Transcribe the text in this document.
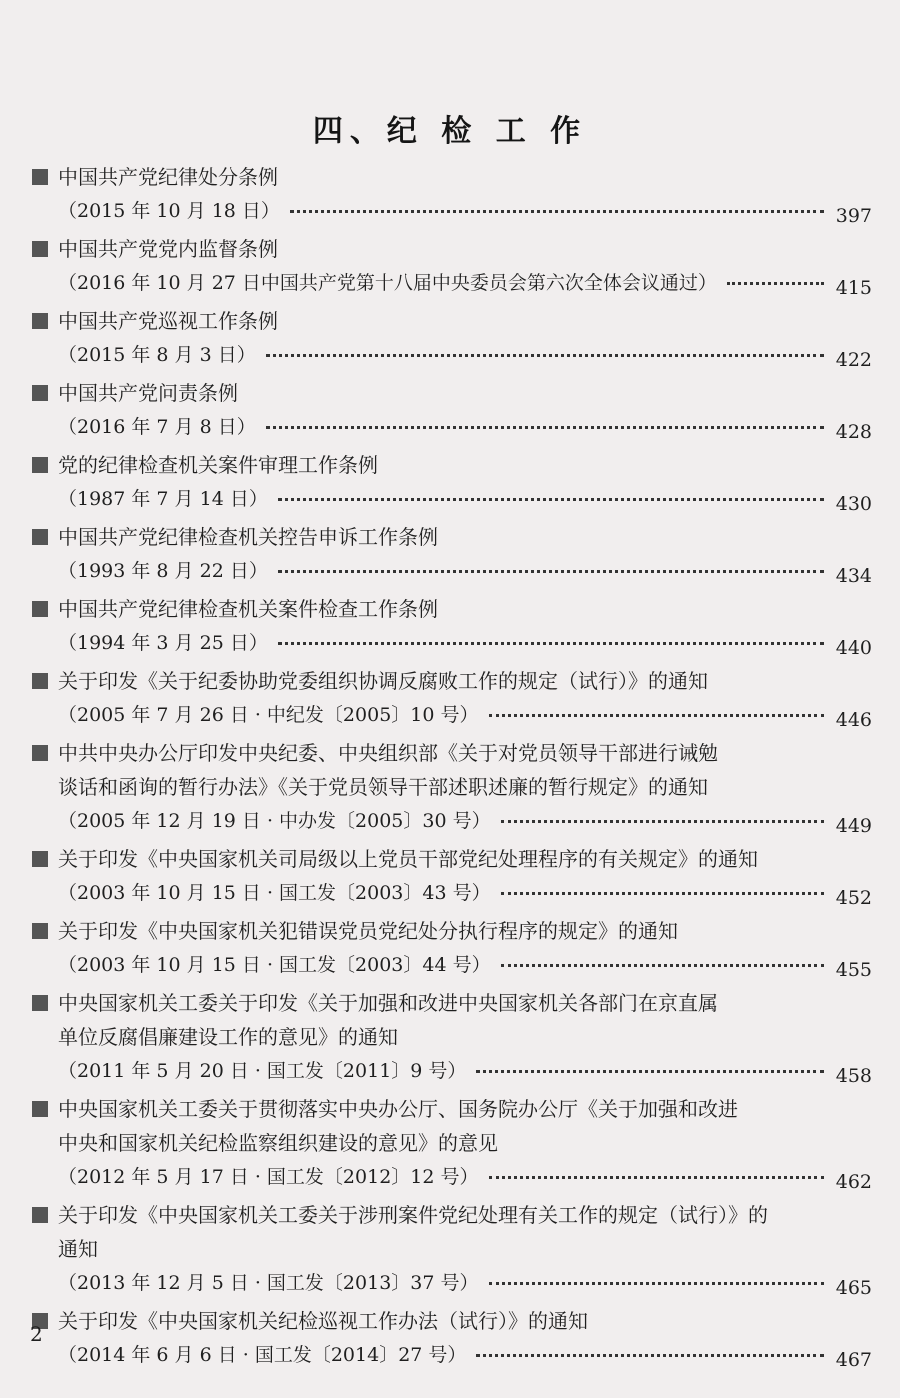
四、纪 检 工 作
中国共产党纪律处分条例
（2015 年 10 月 18 日）	397
中国共产党党内监督条例
（2016 年 10 月 27 日中国共产党第十八届中央委员会第六次全体会议通过）	415
中国共产党巡视工作条例
（2015 年 8 月 3 日）	422
中国共产党问责条例
（2016 年 7 月 8 日）	428
党的纪律检查机关案件审理工作条例
（1987 年 7 月 14 日）	430
中国共产党纪律检查机关控告申诉工作条例
（1993 年 8 月 22 日）	434
中国共产党纪律检查机关案件检查工作条例
（1994 年 3 月 25 日）	440
关于印发《关于纪委协助党委组织协调反腐败工作的规定（试行）》的通知
（2005 年 7 月 26 日 · 中纪发〔2005〕10 号）	446
中共中央办公厅印发中央纪委、中央组织部《关于对党员领导干部进行诫勉
谈话和函询的暂行办法》《关于党员领导干部述职述廉的暂行规定》的通知
（2005 年 12 月 19 日 · 中办发〔2005〕30 号）	449
关于印发《中央国家机关司局级以上党员干部党纪处理程序的有关规定》的通知
（2003 年 10 月 15 日 · 国工发〔2003〕43 号）	452
关于印发《中央国家机关犯错误党员党纪处分执行程序的规定》的通知
（2003 年 10 月 15 日 · 国工发〔2003〕44 号）	455
中央国家机关工委关于印发《关于加强和改进中央国家机关各部门在京直属
单位反腐倡廉建设工作的意见》的通知
（2011 年 5 月 20 日 · 国工发〔2011〕9 号）	458
中央国家机关工委关于贯彻落实中央办公厅、国务院办公厅《关于加强和改进
中央和国家机关纪检监察组织建设的意见》的意见
（2012 年 5 月 17 日 · 国工发〔2012〕12 号）	462
关于印发《中央国家机关工委关于涉刑案件党纪处理有关工作的规定（试行）》的
通知
（2013 年 12 月 5 日 · 国工发〔2013〕37 号）	465
关于印发《中央国家机关纪检巡视工作办法（试行）》的通知
（2014 年 6 月 6 日 · 国工发〔2014〕27 号）	467
2
